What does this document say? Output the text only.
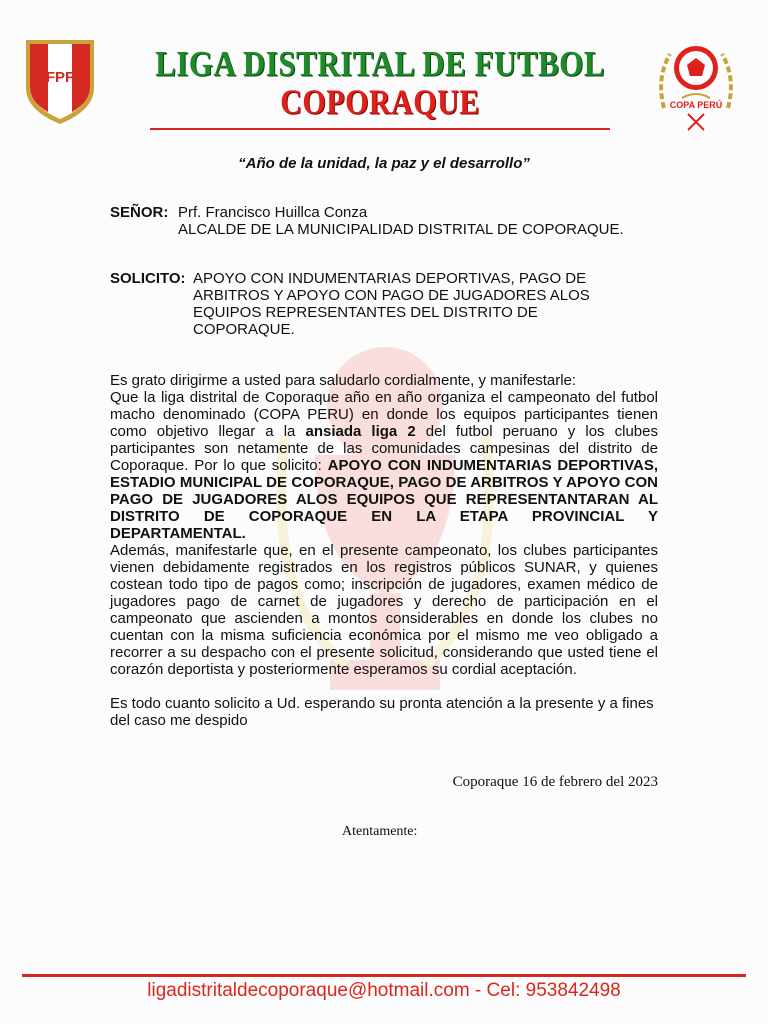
FPF	LIGA DISTRITAL DE FUTBOL
COPORAQUE	COPA PERÚ
“Año de la unidad, la paz y el desarrollo”
SEÑOR: Prf. Francisco Huillca Conza
ALCALDE DE LA MUNICIPALIDAD DISTRITAL DE COPORAQUE.
SOLICITO: APOYO CON INDUMENTARIAS DEPORTIVAS, PAGO DE ARBITROS Y APOYO CON PAGO DE JUGADORES ALOS EQUIPOS REPRESENTANTES DEL DISTRITO DE COPORAQUE.

Es grato dirigirme a usted para saludarlo cordialmente, y manifestarle:

Que la liga distrital de Coporaque año en año organiza el campeonato del futbol macho denominado (COPA PERU) en donde los equipos participantes tienen como objetivo llegar a la ansiada liga 2 del futbol peruano y los clubes participantes son netamente de las comunidades campesinas del distrito de Coporaque. Por lo que solicito: APOYO CON INDUMENTARIAS DEPORTIVAS, ESTADIO MUNICIPAL DE COPORAQUE, PAGO DE ARBITROS Y APOYO CON PAGO DE JUGADORES ALOS EQUIPOS QUE REPRESENTANTARAN AL DISTRITO DE COPORAQUE EN LA ETAPA PROVINCIAL Y DEPARTAMENTAL.

Además, manifestarle que, en el presente campeonato, los clubes participantes vienen debidamente registrados en los registros públicos SUNAR, y quienes costean todo tipo de pagos como; inscripción de jugadores, examen médico de jugadores pago de carnet de jugadores y derecho de participación en el campeonato que ascienden a montos considerables en donde los clubes no cuentan con la misma suficiencia económica por el mismo me veo obligado a recorrer a su despacho con el presente solicitud, considerando que usted tiene el corazón deportista y posteriormente esperamos su cordial aceptación.

Es todo cuanto solicito a Ud. esperando su pronta atención a la presente y a fines del caso me despido

Coporaque 16 de febrero del 2023
Atentamente:
ligadistritaldecoporaque@hotmail.com - Cel: 953842498
